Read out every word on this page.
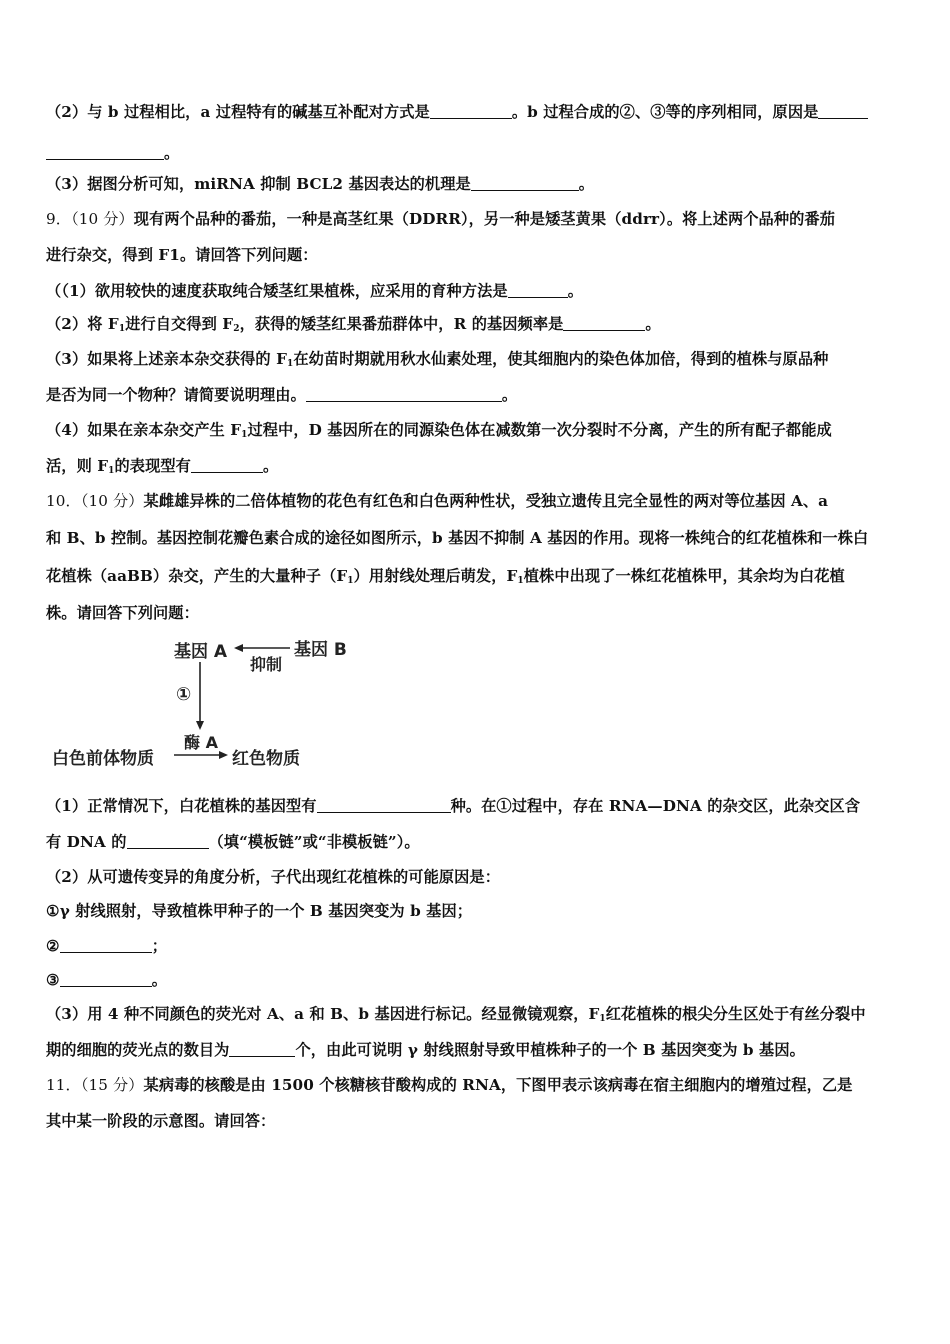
（2）与 b 过程相比，a 过程特有的碱基互补配对方式是	。b 过程合成的②、③等的序列相同，原因是
。
（3）据图分析可知，miRNA 抑制 BCL2 基因表达的机理是	。
9．（10 分）现有两个品种的番茄，一种是高茎红果（DDRR），另一种是矮茎黄果（ddrr）。将上述两个品种的番茄
进行杂交，得到 F1。请回答下列问题：
（（1）欲用较快的速度获取纯合矮茎红果植株，应采用的育种方法是	。
（2）将 $F_1$进行自交得到 $F_2$，获得的矮茎红果番茄群体中，R 的基因频率是	。
（3）如果将上述亲本杂交获得的 $F_1$在幼苗时期就用秋水仙素处理，使其细胞内的染色体加倍，得到的植株与原品种
是否为同一个物种？请简要说明理由。	。
（4）如果在亲本杂交产生 $F_1$过程中，D 基因所在的同源染色体在减数第一次分裂时不分离，产生的所有配子都能成
活，则 $F_1$的表现型有	。
10．（10 分）某雌雄异株的二倍体植物的花色有红色和白色两种性状，受独立遗传且完全显性的两对等位基因 A、a
和 B、b 控制。基因控制花瓣色素合成的途径如图所示，b 基因不抑制 A 基因的作用。现将一株纯合的红花植株和一株白
花植株（aaBB）杂交，产生的大量种子$(F_1)$用射线处理后萌发，$F_1$植株中出现了一株红花植株甲，其余均为白花植
株。请回答下列问题：
基因 A	基因 B
抑制
①
酶 A
白色前体物质	红色物质
（1）正常情况下，白花植株的基因型有	种。在①过程中，存在 RNA—DNA 的杂交区，此杂交区含
有 DNA 的	（填“模板链”或“非模板链”）。
（2）从可遗传变异的角度分析，子代出现红花植株的可能原因是：
①γ 射线照射，导致植株甲种子的一个 B 基因突变为 b 基因；
②	；
③	。
（3）用 4 种不同颜色的荧光对 A、a 和 B、b 基因进行标记。经显微镜观察，$F_1$红花植株的根尖分生区处于有丝分裂中
期的细胞的荧光点的数目为	个，由此可说明 γ 射线照射导致甲植株种子的一个 B 基因突变为 b 基因。
11．（15 分）某病毒的核酸是由 1500 个核糖核苷酸构成的 RNA，下图甲表示该病毒在宿主细胞内的增殖过程，乙是
其中某一阶段的示意图。请回答：
